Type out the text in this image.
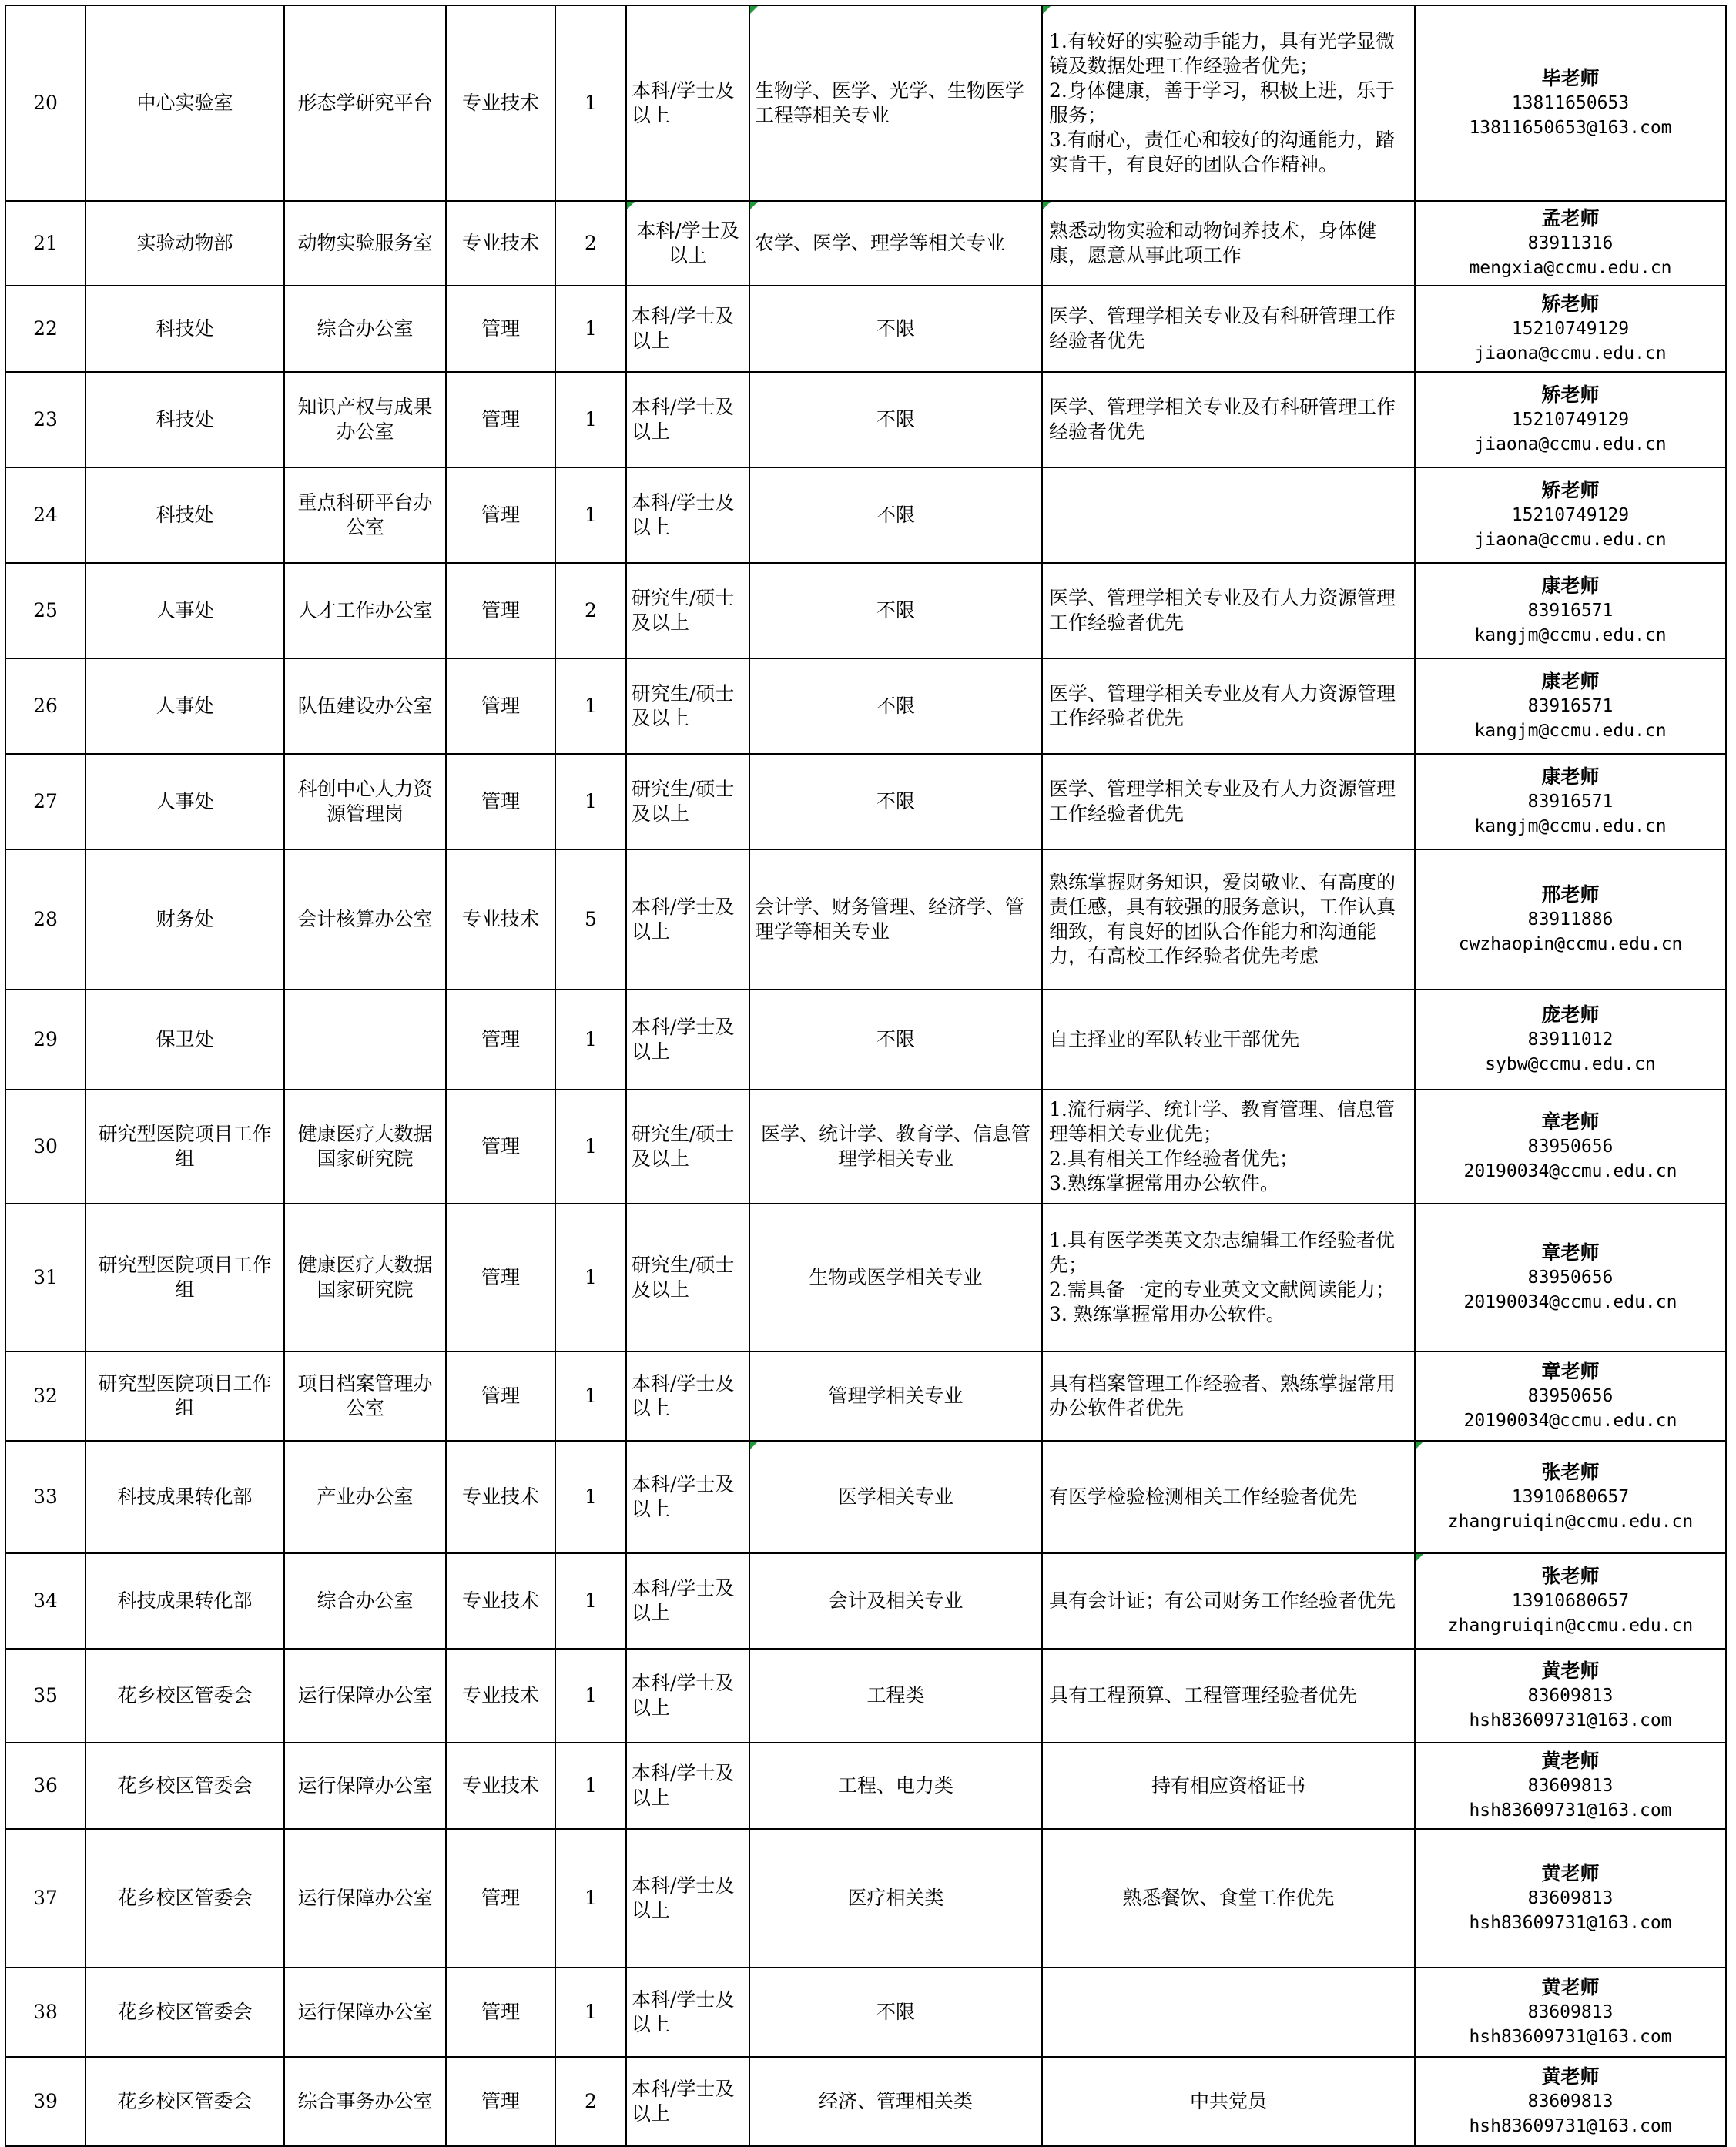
20	中心实验室	形态学研究平台	专业技术	1	本科/学士及以上	生物学、医学、光学、生物医学工程等相关专业	1.有较好的实验动手能力，具有光学显微镜及数据处理工作经验者优先；
2.身体健康，善于学习，积极上进，乐于服务；
3.有耐心，责任心和较好的沟通能力，踏实肯干，有良好的团队合作精神。	毕老师
13811650653
13811650653@163.com

21	实验动物部	动物实验服务室	专业技术	2	本科/学士及以上	农学、医学、理学等相关专业	熟悉动物实验和动物饲养技术，身体健康，愿意从事此项工作	孟老师
83911316
mengxia@ccmu.edu.cn

22	科技处	综合办公室	管理	1	本科/学士及以上	不限	医学、管理学相关专业及有科研管理工作经验者优先	矫老师
15210749129
jiaona@ccmu.edu.cn

23	科技处	知识产权与成果办公室	管理	1	本科/学士及以上	不限	医学、管理学相关专业及有科研管理工作经验者优先	矫老师
15210749129
jiaona@ccmu.edu.cn

24	科技处	重点科研平台办公室	管理	1	本科/学士及以上	不限		矫老师
15210749129
jiaona@ccmu.edu.cn

25	人事处	人才工作办公室	管理	2	研究生/硕士及以上	不限	医学、管理学相关专业及有人力资源管理工作经验者优先	康老师
83916571
kangjm@ccmu.edu.cn

26	人事处	队伍建设办公室	管理	1	研究生/硕士及以上	不限	医学、管理学相关专业及有人力资源管理工作经验者优先	康老师
83916571
kangjm@ccmu.edu.cn

27	人事处	科创中心人力资源管理岗	管理	1	研究生/硕士及以上	不限	医学、管理学相关专业及有人力资源管理工作经验者优先	康老师
83916571
kangjm@ccmu.edu.cn

28	财务处	会计核算办公室	专业技术	5	本科/学士及以上	会计学、财务管理、经济学、管理学等相关专业	熟练掌握财务知识，爱岗敬业、有高度的责任感，具有较强的服务意识，工作认真细致，有良好的团队合作能力和沟通能力，有高校工作经验者优先考虑	邢老师
83911886
cwzhaopin@ccmu.edu.cn

29	保卫处		管理	1	本科/学士及以上	不限	自主择业的军队转业干部优先	庞老师
83911012
sybw@ccmu.edu.cn

30	研究型医院项目工作组	健康医疗大数据国家研究院	管理	1	研究生/硕士及以上	医学、统计学、教育学、信息管理学相关专业	1.流行病学、统计学、教育管理、信息管理等相关专业优先；
2.具有相关工作经验者优先；
3.熟练掌握常用办公软件。	章老师
83950656
20190034@ccmu.edu.cn

31	研究型医院项目工作组	健康医疗大数据国家研究院	管理	1	研究生/硕士及以上	生物或医学相关专业	1.具有医学类英文杂志编辑工作经验者优先；
2.需具备一定的专业英文文献阅读能力；
3. 熟练掌握常用办公软件。	章老师
83950656
20190034@ccmu.edu.cn

32	研究型医院项目工作组	项目档案管理办公室	管理	1	本科/学士及以上	管理学相关专业	具有档案管理工作经验者、熟练掌握常用办公软件者优先	章老师
83950656
20190034@ccmu.edu.cn

33	科技成果转化部	产业办公室	专业技术	1	本科/学士及以上	医学相关专业	有医学检验检测相关工作经验者优先	张老师
13910680657
zhangruiqin@ccmu.edu.cn

34	科技成果转化部	综合办公室	专业技术	1	本科/学士及以上	会计及相关专业	具有会计证；有公司财务工作经验者优先	张老师
13910680657
zhangruiqin@ccmu.edu.cn

35	花乡校区管委会	运行保障办公室	专业技术	1	本科/学士及以上	工程类	具有工程预算、工程管理经验者优先	黄老师
83609813
hsh83609731@163.com

36	花乡校区管委会	运行保障办公室	专业技术	1	本科/学士及以上	工程、电力类	持有相应资格证书	黄老师
83609813
hsh83609731@163.com

37	花乡校区管委会	运行保障办公室	管理	1	本科/学士及以上	医疗相关类	熟悉餐饮、食堂工作优先	黄老师
83609813
hsh83609731@163.com

38	花乡校区管委会	运行保障办公室	管理	1	本科/学士及以上	不限		黄老师
83609813
hsh83609731@163.com

39	花乡校区管委会	综合事务办公室	管理	2	本科/学士及以上	经济、管理相关类	中共党员	黄老师
83609813
hsh83609731@163.com
